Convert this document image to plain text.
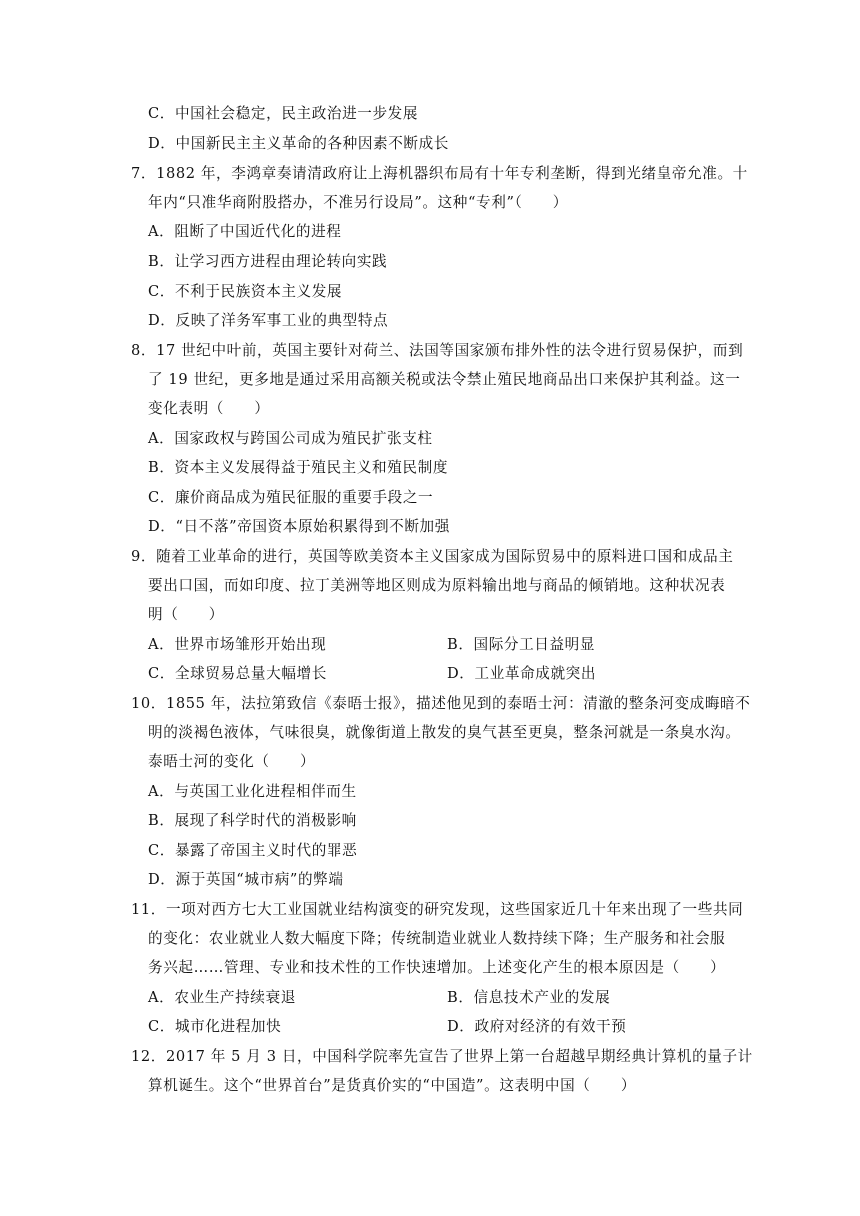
C．中国社会稳定，民主政治进一步发展
D．中国新民主主义革命的各种因素不断成长
7．1882 年，李鸿章奏请清政府让上海机器织布局有十年专利垄断，得到光绪皇帝允准。十
年内“只准华商附股搭办，不准另行设局”。这种“专利”（　　）
A．阻断了中国近代化的进程
B．让学习西方进程由理论转向实践
C．不利于民族资本主义发展
D．反映了洋务军事工业的典型特点
8．17 世纪中叶前，英国主要针对荷兰、法国等国家颁布排外性的法令进行贸易保护，而到
了 19 世纪，更多地是通过采用高额关税或法令禁止殖民地商品出口来保护其利益。这一
变化表明（　　）
A．国家政权与跨国公司成为殖民扩张支柱
B．资本主义发展得益于殖民主义和殖民制度
C．廉价商品成为殖民征服的重要手段之一
D．“日不落”帝国资本原始积累得到不断加强
9．随着工业革命的进行，英国等欧美资本主义国家成为国际贸易中的原料进口国和成品主
要出口国，而如印度、拉丁美洲等地区则成为原料输出地与商品的倾销地。这种状况表
明（　　）
A．世界市场雏形开始出现	B．国际分工日益明显
C．全球贸易总量大幅增长	D．工业革命成就突出
10．1855 年，法拉第致信《泰晤士报》，描述他见到的泰晤士河：清澈的整条河变成晦暗不
明的淡褐色液体，气味很臭，就像街道上散发的臭气甚至更臭，整条河就是一条臭水沟。
泰晤士河的变化（　　）
A．与英国工业化进程相伴而生
B．展现了科学时代的消极影响
C．暴露了帝国主义时代的罪恶
D．源于英国“城市病”的弊端
11．一项对西方七大工业国就业结构演变的研究发现，这些国家近几十年来出现了一些共同
的变化：农业就业人数大幅度下降；传统制造业就业人数持续下降；生产服务和社会服
务兴起……管理、专业和技术性的工作快速增加。上述变化产生的根本原因是（　　）
A．农业生产持续衰退	B．信息技术产业的发展
C．城市化进程加快	D．政府对经济的有效干预
12．2017 年 5 月 3 日，中国科学院率先宣告了世界上第一台超越早期经典计算机的量子计
算机诞生。这个“世界首台”是货真价实的“中国造”。这表明中国（　　）
